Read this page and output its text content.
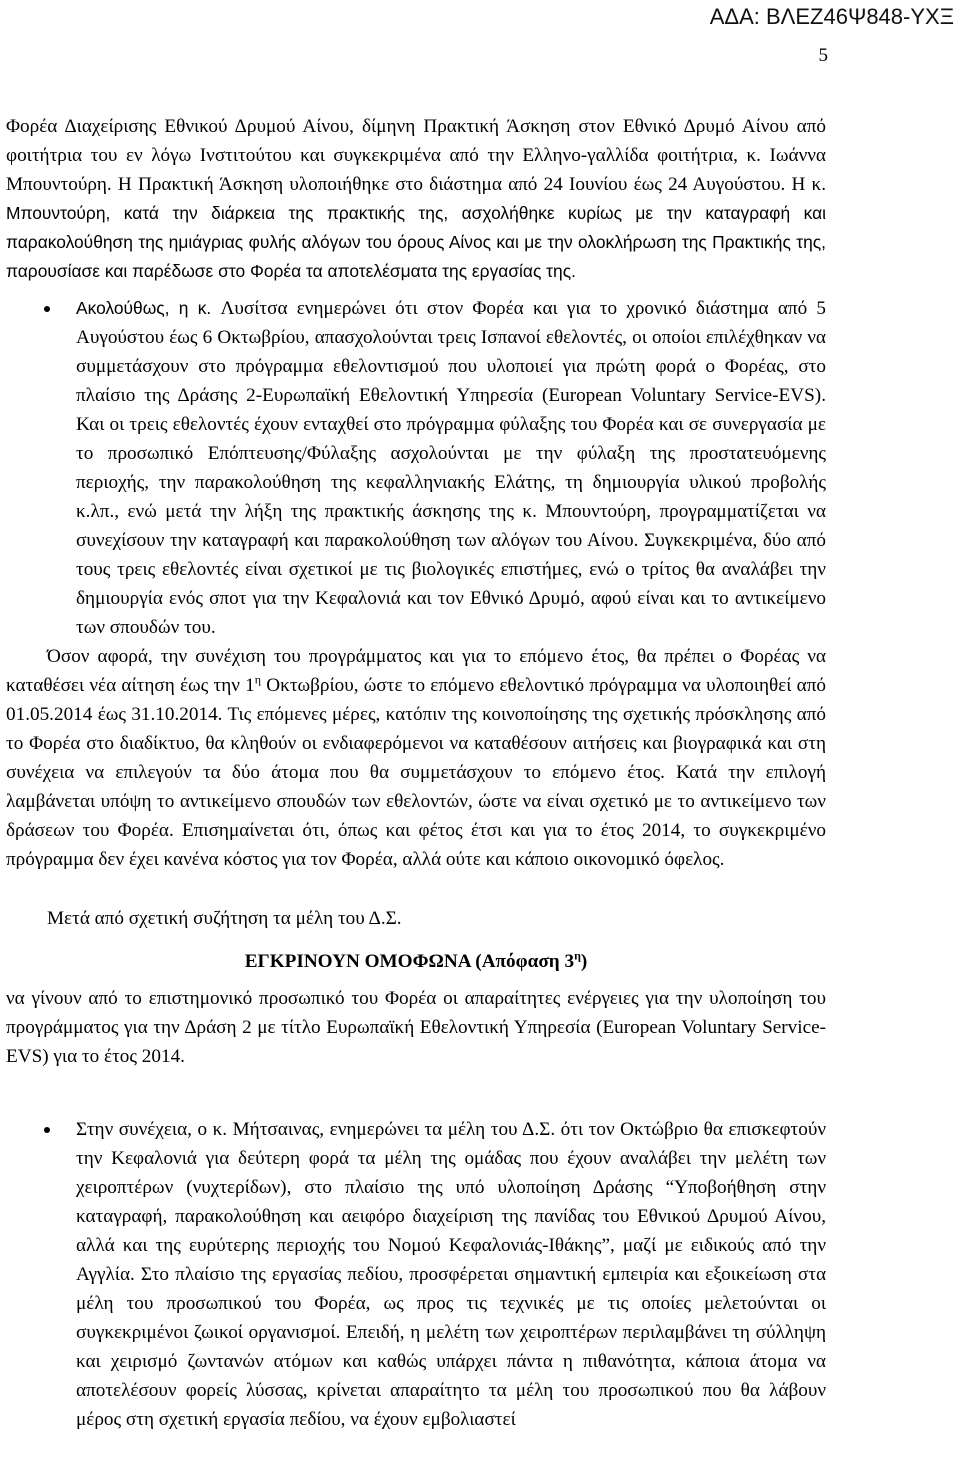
ΑΔΑ: ΒΛΕΖ46Ψ848-ΥΧΞ
5

Φορέα Διαχείρισης Εθνικού Δρυμού Αίνου, δίμηνη Πρακτική Άσκηση στον Εθνικό Δρυμό Αίνου από φοιτήτρια του εν λόγω Ινστιτούτου και συγκεκριμένα από την Ελληνο-γαλλίδα φοιτήτρια, κ. Ιωάννα Μπουντούρη. Η Πρακτική Άσκηση υλοποιήθηκε στο διάστημα από 24 Ιουνίου έως 24 Αυγούστου. Η κ. Μπουντούρη, κατά την διάρκεια της πρακτικής της, ασχολήθηκε κυρίως με την καταγραφή και παρακολούθηση της ημιάγριας φυλής αλόγων του όρους Αίνος και με την ολοκλήρωση της Πρακτικής της, παρουσίασε και παρέδωσε στο Φορέα τα αποτελέσματα της εργασίας της.

Ακολούθως, η κ. Λυσίτσα ενημερώνει ότι στον Φορέα και για το χρονικό διάστημα από 5 Αυγούστου έως 6 Οκτωβρίου, απασχολούνται τρεις Ισπανοί εθελοντές, οι οποίοι επιλέχθηκαν να συμμετάσχουν στο πρόγραμμα εθελοντισμού που υλοποιεί για πρώτη φορά ο Φορέας, στο πλαίσιο της Δράσης 2-Ευρωπαϊκή Εθελοντική Υπηρεσία (European Voluntary Service-EVS). Και οι τρεις εθελοντές έχουν ενταχθεί στο πρόγραμμα φύλαξης του Φορέα και σε συνεργασία με το προσωπικό Επόπτευσης/Φύλαξης ασχολούνται με την φύλαξη της προστατευόμενης περιοχής, την παρακολούθηση της κεφαλληνιακής Ελάτης, τη δημιουργία υλικού προβολής κ.λπ., ενώ μετά την λήξη της πρακτικής άσκησης της κ. Μπουντούρη, προγραμματίζεται να συνεχίσουν την καταγραφή και παρακολούθηση των αλόγων του Αίνου. Συγκεκριμένα, δύο από τους τρεις εθελοντές είναι σχετικοί με τις βιολογικές επιστήμες, ενώ ο τρίτος θα αναλάβει την δημιουργία ενός σποτ για την Κεφαλονιά και τον Εθνικό Δρυμό, αφού είναι και το αντικείμενο των σπουδών του.

Όσον αφορά, την συνέχιση του προγράμματος και για το επόμενο έτος, θα πρέπει ο Φορέας να καταθέσει νέα αίτηση έως την $1^\eta$ Οκτωβρίου, ώστε το επόμενο εθελοντικό πρόγραμμα να υλοποιηθεί από 01.05.2014 έως 31.10.2014. Τις επόμενες μέρες, κατόπιν της κοινοποίησης της σχετικής πρόσκλησης από το Φορέα στο διαδίκτυο, θα κληθούν οι ενδιαφερόμενοι να καταθέσουν αιτήσεις και βιογραφικά και στη συνέχεια να επιλεγούν τα δύο άτομα που θα συμμετάσχουν το επόμενο έτος. Κατά την επιλογή λαμβάνεται υπόψη το αντικείμενο σπουδών των εθελοντών, ώστε να είναι σχετικό με το αντικείμενο των δράσεων του Φορέα. Επισημαίνεται ότι, όπως και φέτος έτσι και για το έτος 2014, το συγκεκριμένο πρόγραμμα δεν έχει κανένα κόστος για τον Φορέα, αλλά ούτε και κάποιο οικονομικό όφελος.

Μετά από σχετική συζήτηση τα μέλη του Δ.Σ.

ΕΓΚΡΙΝΟΥΝ ΟΜΟΦΩΝΑ (Απόφαση $3^\eta$)

να γίνουν από το επιστημονικό προσωπικό του Φορέα οι απαραίτητες ενέργειες για την υλοποίηση του προγράμματος για την Δράση 2 με τίτλο Ευρωπαϊκή Εθελοντική Υπηρεσία (European Voluntary Service-EVS) για το έτος 2014.

Στην συνέχεια, ο κ. Μήτσαινας, ενημερώνει τα μέλη του Δ.Σ. ότι τον Οκτώβριο θα επισκεφτούν την Κεφαλονιά για δεύτερη φορά τα μέλη της ομάδας που έχουν αναλάβει την μελέτη των χειροπτέρων (νυχτερίδων), στο πλαίσιο της υπό υλοποίηση Δράσης “Υποβοήθηση στην καταγραφή, παρακολούθηση και αειφόρο διαχείριση της πανίδας του Εθνικού Δρυμού Αίνου, αλλά και της ευρύτερης περιοχής του Νομού Κεφαλονιάς-Ιθάκης”, μαζί με ειδικούς από την Αγγλία. Στο πλαίσιο της εργασίας πεδίου, προσφέρεται σημαντική εμπειρία και εξοικείωση στα μέλη του προσωπικού του Φορέα, ως προς τις τεχνικές με τις οποίες μελετούνται οι συγκεκριμένοι ζωικοί οργανισμοί. Επειδή, η μελέτη των χειροπτέρων περιλαμβάνει τη σύλληψη και χειρισμό ζωντανών ατόμων και καθώς υπάρχει πάντα η πιθανότητα, κάποια άτομα να αποτελέσουν φορείς λύσσας, κρίνεται απαραίτητο τα μέλη του προσωπικού που θα λάβουν μέρος στη σχετική εργασία πεδίου, να έχουν εμβολιαστεί
